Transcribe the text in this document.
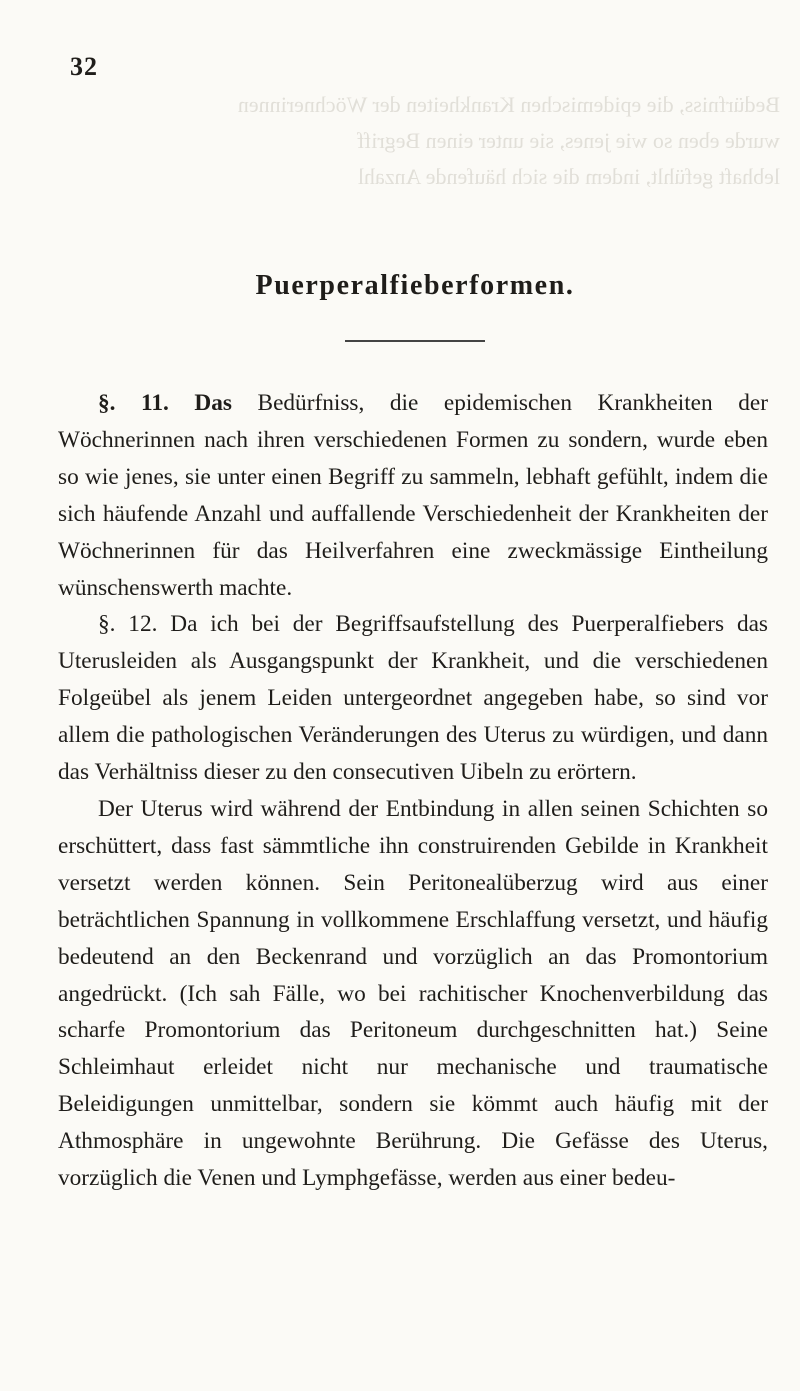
32
Bedürfniss, die epidemischen Krankheiten der Wöchnerinnen
wurde eben so wie jenes, sie unter einen Begriff
lebhaft gefühlt, indem die sich häufende Anzahl
Puerperalfieberformen.

§. 11. Das Bedürfniss, die epidemischen Krankheiten der Wöchnerinnen nach ihren verschiedenen Formen zu sondern, wurde eben so wie jenes, sie unter einen Begriff zu sammeln, lebhaft gefühlt, indem die sich häufende Anzahl und auffallende Verschiedenheit der Krankheiten der Wöchnerinnen für das Heilverfahren eine zweckmässige Eintheilung wünschenswerth machte.

§. 12. Da ich bei der Begriffsaufstellung des Puerperalfiebers das Uterusleiden als Ausgangspunkt der Krankheit, und die verschiedenen Folgeübel als jenem Leiden untergeordnet angegeben habe, so sind vor allem die pathologischen Veränderungen des Uterus zu würdigen, und dann das Verhältniss dieser zu den consecutiven Uibeln zu erörtern.

Der Uterus wird während der Entbindung in allen seinen Schichten so erschüttert, dass fast sämmtliche ihn construirenden Gebilde in Krankheit versetzt werden können. Sein Peritonealüberzug wird aus einer beträchtlichen Spannung in vollkommene Erschlaffung versetzt, und häufig bedeutend an den Beckenrand und vorzüglich an das Promontorium angedrückt. (Ich sah Fälle, wo bei rachitischer Knochenverbildung das scharfe Promontorium das Peritoneum durchgeschnitten hat.) Seine Schleimhaut erleidet nicht nur mechanische und traumatische Beleidigungen unmittelbar, sondern sie kömmt auch häufig mit der Athmosphäre in ungewohnte Berührung. Die Gefässe des Uterus, vorzüglich die Venen und Lymphgefässe, werden aus einer bedeu-
